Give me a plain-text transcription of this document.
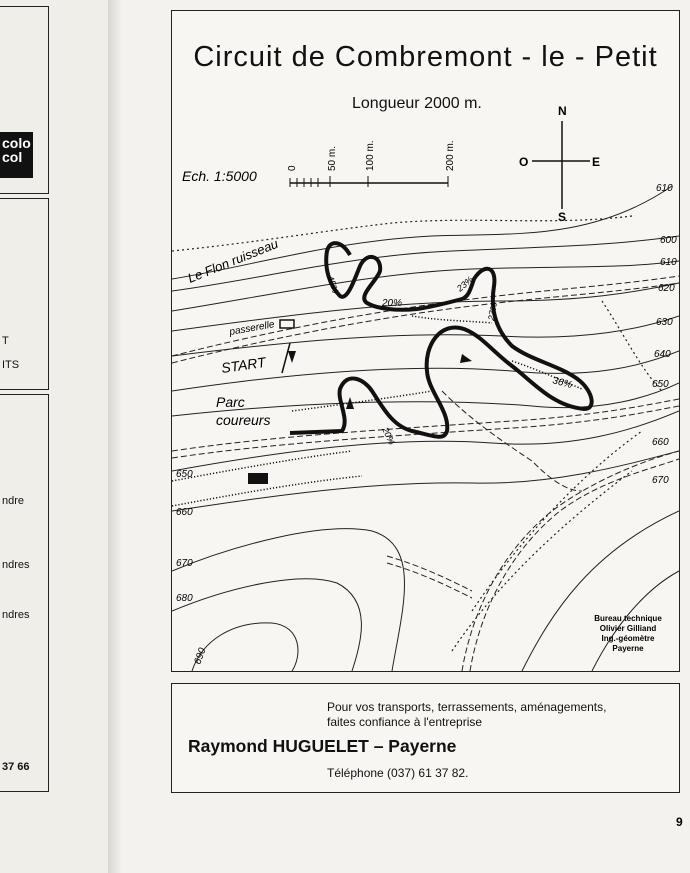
colo
col
T
ITS
ndre
ndres
ndres
37 66
Circuit de Combremont - le - Petit
Longueur 2000 m.
Ech. 1:5000	0	50 m.	100 m.	200 m.
N
S
E
O
Le Flon ruisseau
passerelle
START
Parc
coureurs
45%
20%
23%
27%
36%
20%
610
600
610
620
630
640
650
660
670
650
660
670
680
690
Bureau technique
Olivier Gilliand
Ing.-géomètre
Payerne
Pour vos transports, terrassements, aménagements,
faites confiance à l'entreprise
Raymond HUGUELET – Payerne
Téléphone (037) 61 37 82.
9
